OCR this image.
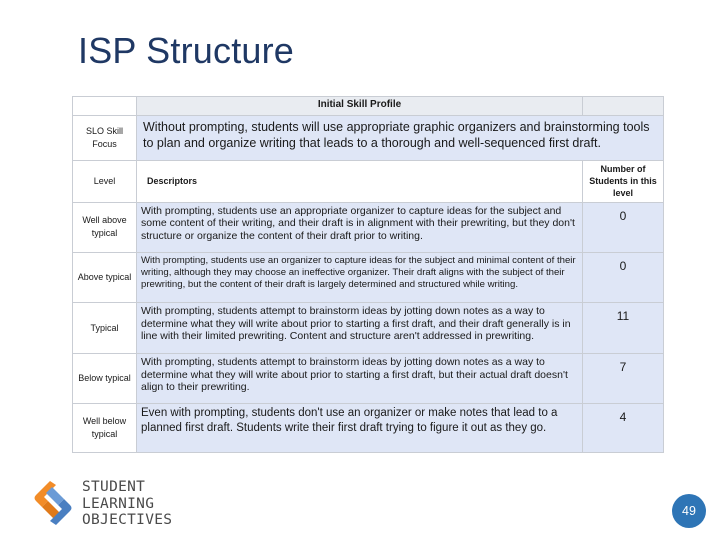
ISP Structure
	Initial Skill Profile	
SLO Skill Focus	Without prompting, students will use appropriate graphic organizers and brainstorming tools to plan and organize writing that leads to a thorough and well-sequenced first draft.	
Level	Descriptors	Number of Students in this level
Well above typical	With prompting, students use an appropriate organizer to capture ideas for the subject and some content of their writing, and their draft is in alignment with their prewriting, but they don't structure or organize the content of their draft prior to writing.	0
Above typical	With prompting, students use an organizer to capture ideas for the subject and minimal content of their writing, although they may choose an ineffective organizer. Their draft aligns with the subject of their prewriting, but the content of their draft is largely determined and structured while writing.	0
Typical	With prompting, students attempt to brainstorm ideas by jotting down notes as a way to determine what they will write about prior to starting a first draft, and their draft generally is in line with their limited prewriting. Content and structure aren't addressed in prewriting.	11
Below typical	With prompting, students attempt to brainstorm ideas by jotting down notes as a way to determine what they will write about prior to starting a first draft, but their actual draft doesn't align to their prewriting.	7
Well below typical	Even with prompting, students don't use an organizer or make notes that lead to a planned first draft. Students write their first draft trying to figure it out as they go.	4
STUDENT
LEARNING
OBJECTIVES
49
